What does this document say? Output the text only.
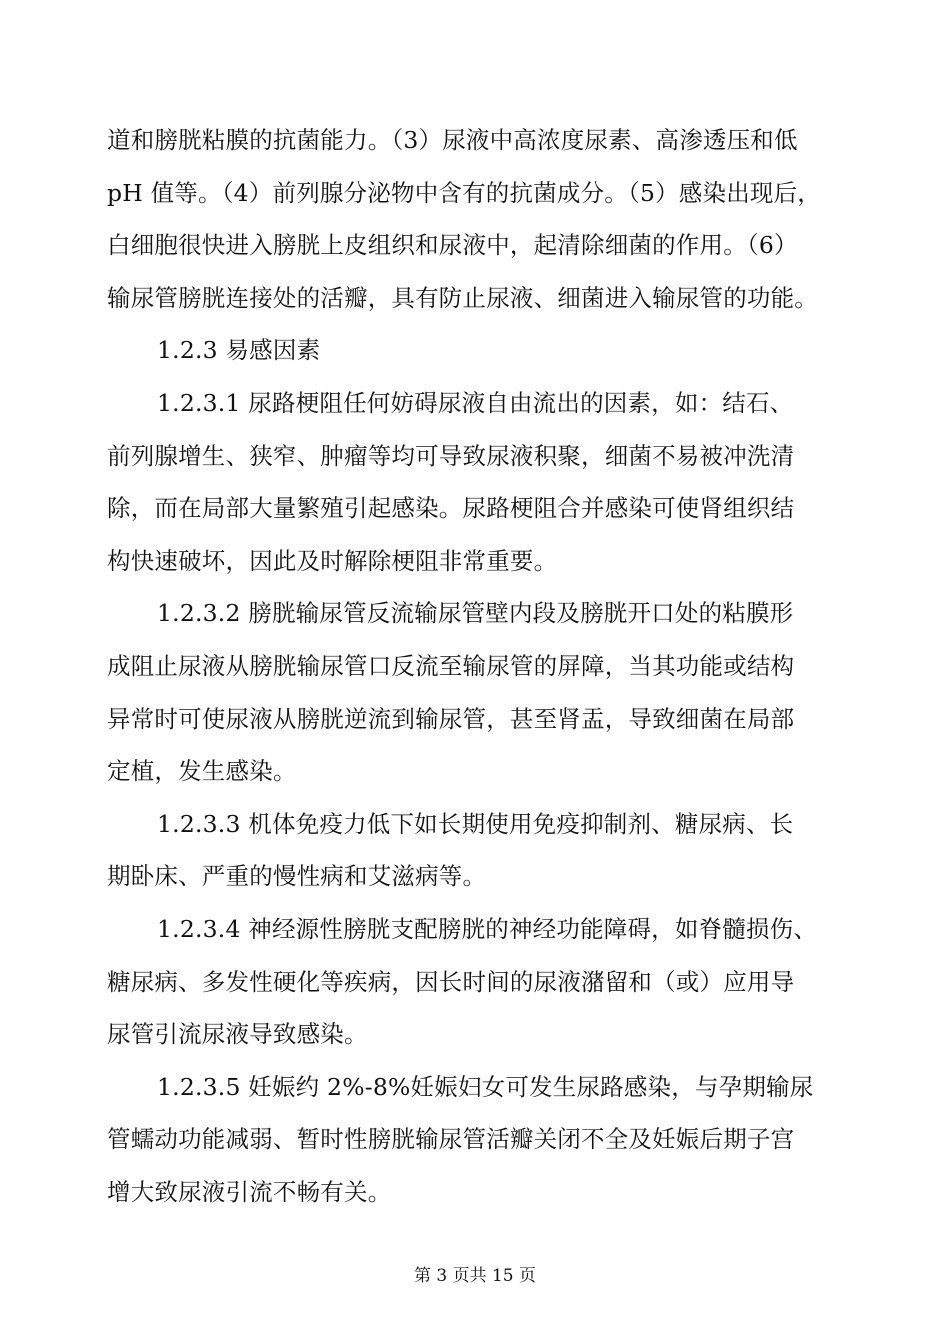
道和膀胱粘膜的抗菌能力。（3）尿液中高浓度尿素、高渗透压和低
pH 值等。（4）前列腺分泌物中含有的抗菌成分。（5）感染出现后，
白细胞很快进入膀胱上皮组织和尿液中，起清除细菌的作用。（6）
输尿管膀胱连接处的活瓣，具有防止尿液、细菌进入输尿管的功能。

1.2.3 易感因素

1.2.3.1 尿路梗阻任何妨碍尿液自由流出的因素，如：结石、
前列腺增生、狭窄、肿瘤等均可导致尿液积聚，细菌不易被冲洗清
除，而在局部大量繁殖引起感染。尿路梗阻合并感染可使肾组织结
构快速破坏，因此及时解除梗阻非常重要。

1.2.3.2 膀胱输尿管反流输尿管壁内段及膀胱开口处的粘膜形
成阻止尿液从膀胱输尿管口反流至输尿管的屏障，当其功能或结构
异常时可使尿液从膀胱逆流到输尿管，甚至肾盂，导致细菌在局部
定植，发生感染。

1.2.3.3 机体免疫力低下如长期使用免疫抑制剂、糖尿病、长
期卧床、严重的慢性病和艾滋病等。

1.2.3.4 神经源性膀胱支配膀胱的神经功能障碍，如脊髓损伤、
糖尿病、多发性硬化等疾病，因长时间的尿液潴留和（或）应用导
尿管引流尿液导致感染。

1.2.3.5 妊娠约 2%-8%妊娠妇女可发生尿路感染，与孕期输尿
管蠕动功能减弱、暂时性膀胱输尿管活瓣关闭不全及妊娠后期子宫
增大致尿液引流不畅有关。

第 3 页共 15 页
